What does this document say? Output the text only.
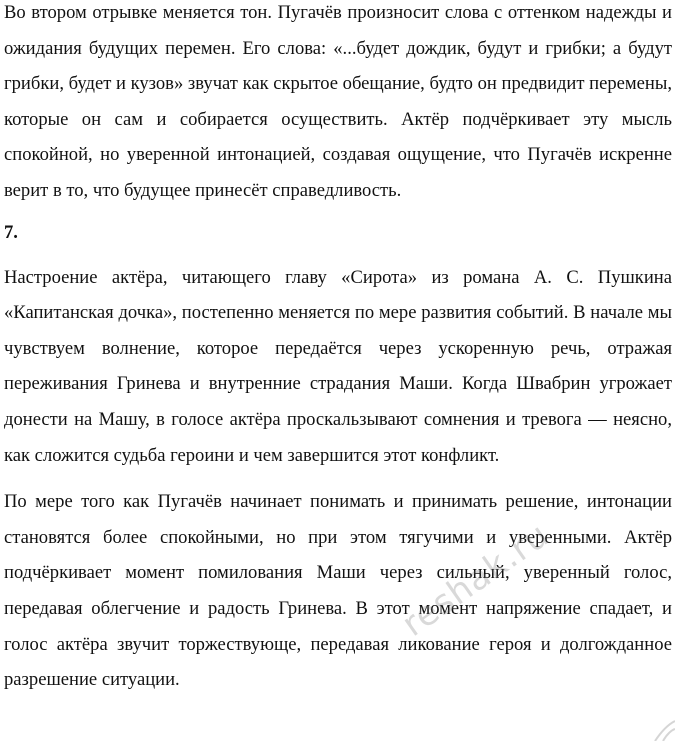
Во втором отрывке меняется тон. Пугачёв произносит слова с оттенком надежды и ожидания будущих перемен. Его слова: «...будет дождик, будут и грибки; а будут грибки, будет и кузов» звучат как скрытое обещание, будто он предвидит перемены, которые он сам и собирается осуществить. Актёр подчёркивает эту мысль спокойной, но уверенной интонацией, создавая ощущение, что Пугачёв искренне верит в то, что будущее принесёт справедливость.

7.

Настроение актёра, читающего главу «Сирота» из романа А. С. Пушкина «Капитанская дочка», постепенно меняется по мере развития событий. В начале мы чувствуем волнение, которое передаётся через ускоренную речь, отражая переживания Гринева и внутренние страдания Маши. Когда Швабрин угрожает донести на Машу, в голосе актёра проскальзывают сомнения и тревога — неясно, как сложится судьба героини и чем завершится этот конфликт.

По мере того как Пугачёв начинает понимать и принимать решение, интонации становятся более спокойными, но при этом тягучими и уверенными. Актёр подчёркивает момент помилования Маши через сильный, уверенный голос, передавая облегчение и радость Гринева. В этот момент напряжение спадает, и голос актёра звучит торжествующе, передавая ликование героя и долгожданное разрешение ситуации.

reshak.ru
